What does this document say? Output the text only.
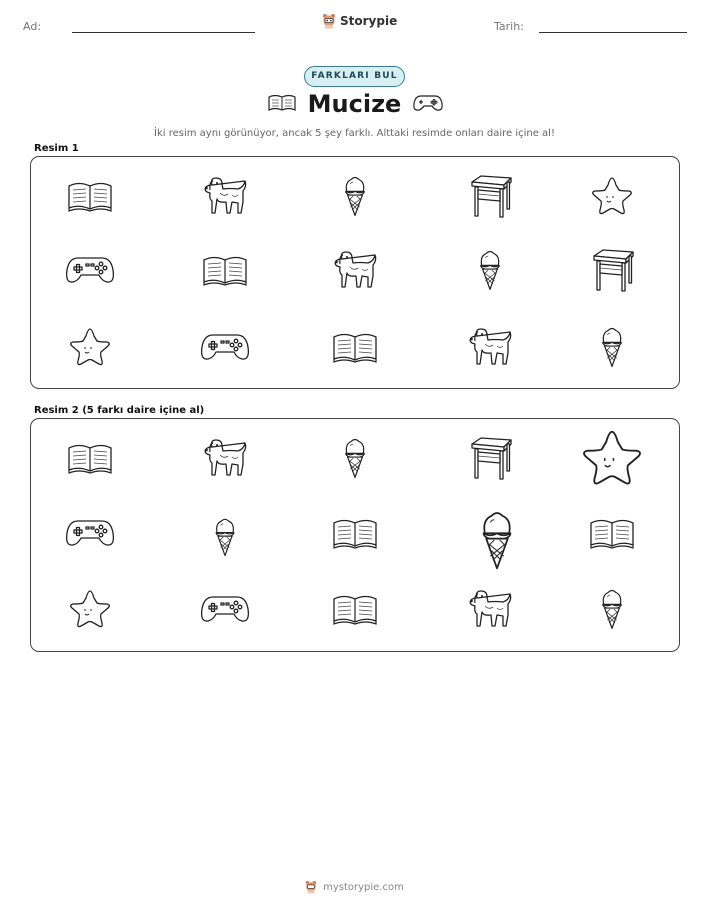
Ad:	Storypie	Tarih:
FARKLARI BUL
Mucize
İki resim aynı görünüyor, ancak 5 şey farklı. Alttaki resimde onları daire içine al!
Resim 1
Resim 2 (5 farkı daire içine al)
mystorypie.com
